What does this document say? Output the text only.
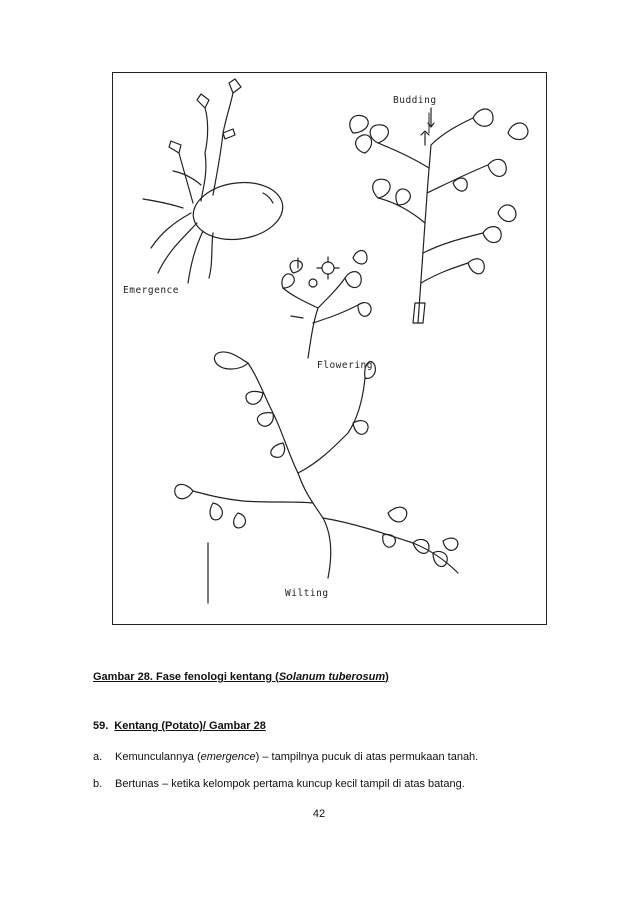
Emergence
Budding
Flowering
Wilting
Gambar 28. Fase fenologi kentang (Solanum tuberosum)
59. Kentang (Potato)/ Gambar 28
a. Kemunculannya (emergence) – tampilnya pucuk di atas permukaan tanah.
b. Bertunas – ketika kelompok pertama kuncup kecil tampil di atas batang.
42
